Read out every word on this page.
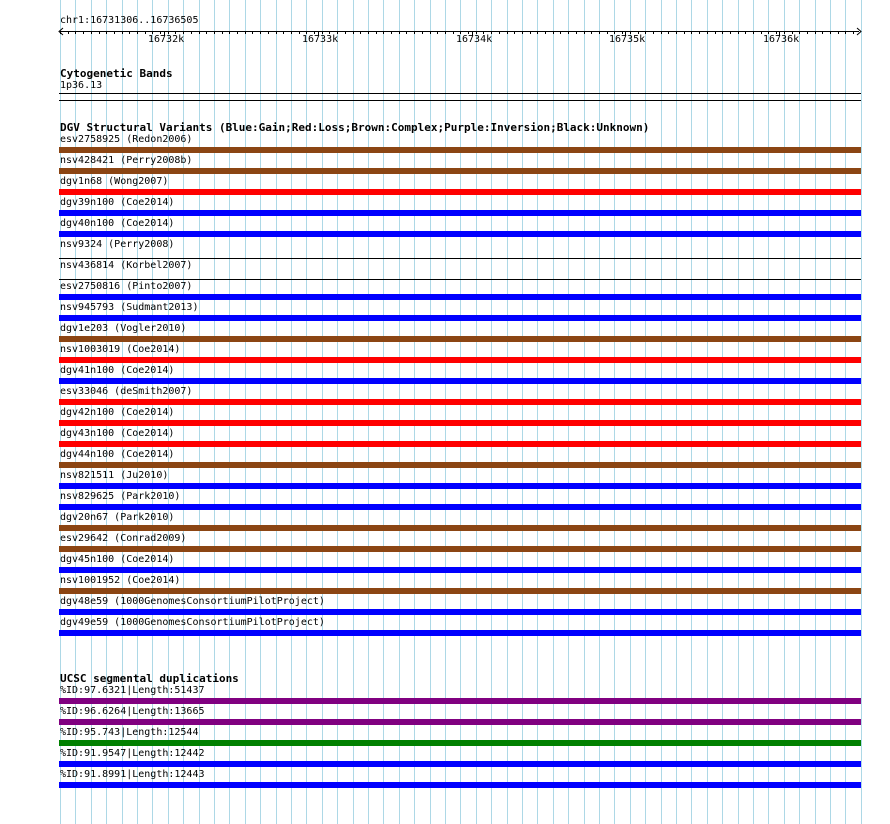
chr1:16731306..16736505
16732k	16733k	16734k	16735k	16736k
Cytogenetic Bands
1p36.13
DGV Structural Variants (Blue:Gain;Red:Loss;Brown:Complex;Purple:Inversion;Black:Unknown)
esv2758925 (Redon2006)
nsv428421 (Perry2008b)
dgv1n68 (Wong2007)
dgv39n100 (Coe2014)
dgv40n100 (Coe2014)
nsv9324 (Perry2008)
nsv436814 (Korbel2007)
esv2750816 (Pinto2007)
nsv945793 (Sudmant2013)
dgv1e203 (Vogler2010)
nsv1003019 (Coe2014)
dgv41n100 (Coe2014)
esv33046 (deSmith2007)
dgv42n100 (Coe2014)
dgv43n100 (Coe2014)
dgv44n100 (Coe2014)
nsv821511 (Ju2010)
nsv829625 (Park2010)
dgv20n67 (Park2010)
esv29642 (Conrad2009)
dgv45n100 (Coe2014)
nsv1001952 (Coe2014)
dgv48e59 (1000GenomesConsortiumPilotProject)
dgv49e59 (1000GenomesConsortiumPilotProject)
UCSC segmental duplications
%ID:97.6321|Length:51437
%ID:96.6264|Length:13665
%ID:95.743|Length:12544
%ID:91.9547|Length:12442
%ID:91.8991|Length:12443
